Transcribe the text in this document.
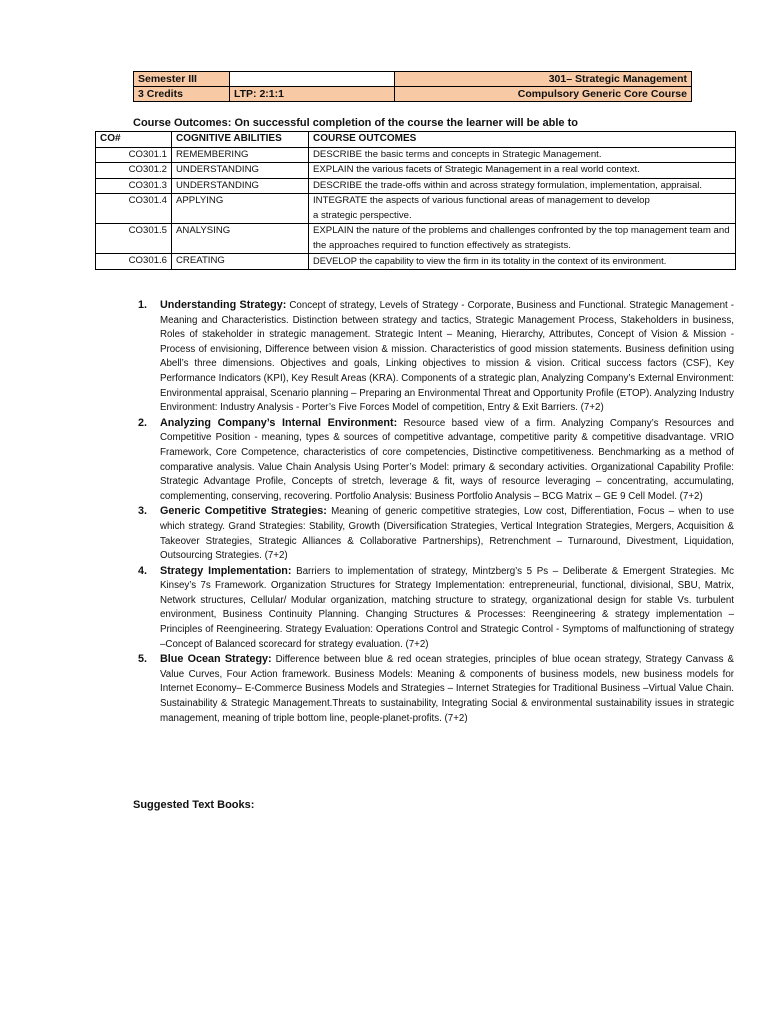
Semester III		301– Strategic Management
3 Credits	LTP: 2:1:1	Compulsory Generic Core Course
Course Outcomes: On successful completion of the course the learner will be able to
CO#	COGNITIVE ABILITIES	COURSE OUTCOMES
CO301.1	REMEMBERING	DESCRIBE the basic terms and concepts in Strategic Management.
CO301.2	UNDERSTANDING	EXPLAIN the various facets of Strategic Management in a real world context.
CO301.3	UNDERSTANDING	DESCRIBE the trade-offs within and across strategy formulation, implementation, appraisal.
CO301.4	APPLYING	INTEGRATE the aspects of various functional areas of management to develop a strategic perspective.
CO301.5	ANALYSING	EXPLAIN the nature of the problems and challenges confronted by the top management team and the approaches required to function effectively as strategists.
CO301.6	CREATING	DEVELOP the capability to view the firm in its totality in the context of its environment.
1. Understanding Strategy: Concept of strategy, Levels of Strategy - Corporate, Business and Functional. Strategic Management - Meaning and Characteristics. Distinction between strategy and tactics, Strategic Management Process, Stakeholders in business, Roles of stakeholder in strategic management. Strategic Intent – Meaning, Hierarchy, Attributes, Concept of Vision & Mission - Process of envisioning, Difference between vision & mission. Characteristics of good mission statements. Business definition using Abell’s three dimensions. Objectives and goals, Linking objectives to mission & vision. Critical success factors (CSF), Key Performance Indicators (KPI), Key Result Areas (KRA). Components of a strategic plan, Analyzing Company’s External Environment: Environmental appraisal, Scenario planning – Preparing an Environmental Threat and Opportunity Profile (ETOP). Analyzing Industry Environment: Industry Analysis - Porter’s Five Forces Model of competition, Entry & Exit Barriers. (7+2)
2. Analyzing Company’s Internal Environment: Resource based view of a firm. Analyzing Company’s Resources and Competitive Position - meaning, types & sources of competitive advantage, competitive parity & competitive disadvantage. VRIO Framework, Core Competence, characteristics of core competencies, Distinctive competitiveness. Benchmarking as a method of comparative analysis. Value Chain Analysis Using Porter’s Model: primary & secondary activities. Organizational Capability Profile: Strategic Advantage Profile, Concepts of stretch, leverage & fit, ways of resource leveraging – concentrating, accumulating, complementing, conserving, recovering. Portfolio Analysis: Business Portfolio Analysis – BCG Matrix – GE 9 Cell Model. (7+2)
3. Generic Competitive Strategies: Meaning of generic competitive strategies, Low cost, Differentiation, Focus – when to use which strategy. Grand Strategies: Stability, Growth (Diversification Strategies, Vertical Integration Strategies, Mergers, Acquisition & Takeover Strategies, Strategic Alliances & Collaborative Partnerships), Retrenchment – Turnaround, Divestment, Liquidation, Outsourcing Strategies. (7+2)
4. Strategy Implementation: Barriers to implementation of strategy, Mintzberg’s 5 Ps – Deliberate & Emergent Strategies. Mc Kinsey’s 7s Framework. Organization Structures for Strategy Implementation: entrepreneurial, functional, divisional, SBU, Matrix, Network structures, Cellular/ Modular organization, matching structure to strategy, organizational design for stable Vs. turbulent environment, Business Continuity Planning. Changing Structures & Processes: Reengineering & strategy implementation – Principles of Reengineering. Strategy Evaluation: Operations Control and Strategic Control - Symptoms of malfunctioning of strategy –Concept of Balanced scorecard for strategy evaluation. (7+2)
5. Blue Ocean Strategy: Difference between blue & red ocean strategies, principles of blue ocean strategy, Strategy Canvass & Value Curves, Four Action framework. Business Models: Meaning & components of business models, new business models for Internet Economy– E-Commerce Business Models and Strategies – Internet Strategies for Traditional Business –Virtual Value Chain. Sustainability & Strategic Management.Threats to sustainability, Integrating Social & environmental sustainability issues in strategic management, meaning of triple bottom line, people-planet-profits. (7+2)
Suggested Text Books:
